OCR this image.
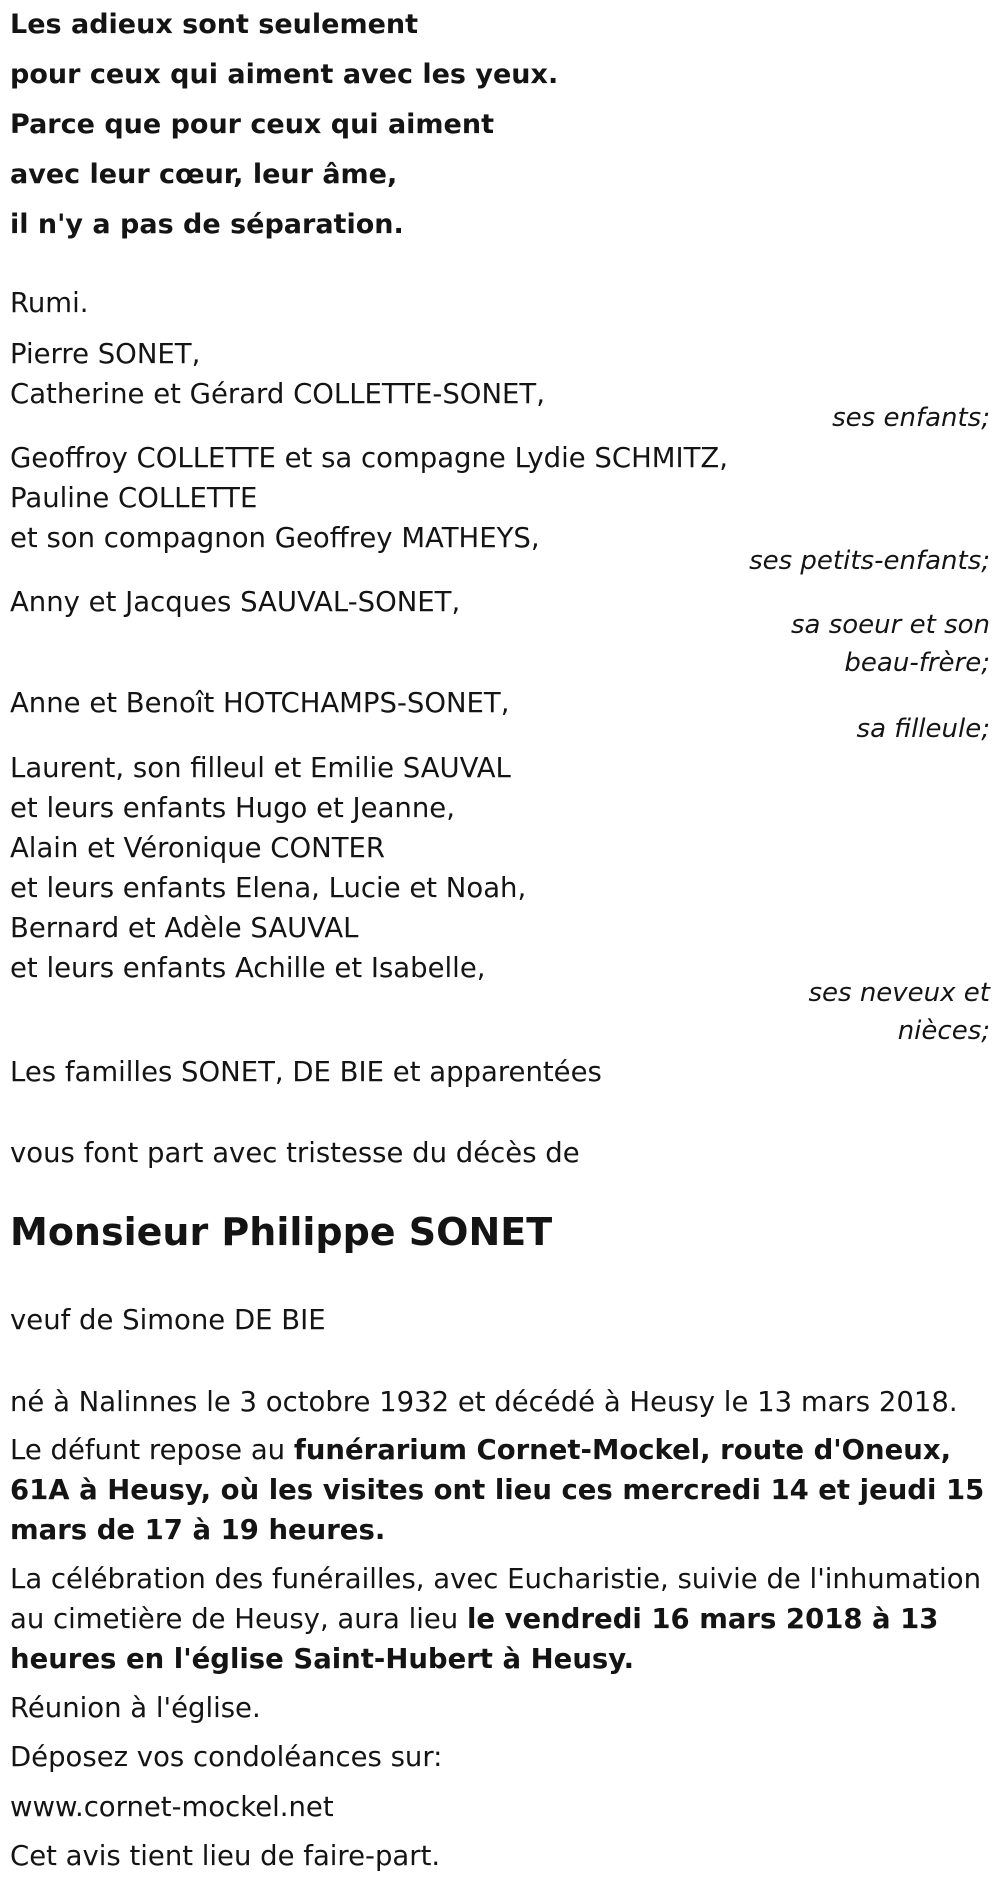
Les adieux sont seulement
pour ceux qui aiment avec les yeux.
Parce que pour ceux qui aiment
avec leur cœur, leur âme,
il n'y a pas de séparation.
Rumi.
Pierre SONET,
Catherine et Gérard COLLETTE-SONET,
ses enfants;
Geoffroy COLLETTE et sa compagne Lydie SCHMITZ,
Pauline COLLETTE
et son compagnon Geoffrey MATHEYS,
ses petits-enfants;
Anny et Jacques SAUVAL-SONET,
sa soeur et son
beau-frère;
Anne et Benoît HOTCHAMPS-SONET,
sa filleule;
Laurent, son filleul et Emilie SAUVAL
et leurs enfants Hugo et Jeanne,
Alain et Véronique CONTER
et leurs enfants Elena, Lucie et Noah,
Bernard et Adèle SAUVAL
et leurs enfants Achille et Isabelle,
ses neveux et
nièces;
Les familles SONET, DE BIE et apparentées
vous font part avec tristesse du décès de
Monsieur Philippe SONET
veuf de Simone DE BIE
né à Nalinnes le 3 octobre 1932 et décédé à Heusy le 13 mars 2018.
Le défunt repose au funérarium Cornet-Mockel, route d'Oneux, 61A à Heusy, où les visites ont lieu ces mercredi 14 et jeudi 15 mars de 17 à 19 heures.
La célébration des funérailles, avec Eucharistie, suivie de l'inhumation au cimetière de Heusy, aura lieu le vendredi 16 mars 2018 à 13 heures en l'église Saint-Hubert à Heusy.
Réunion à l'église.
Déposez vos condoléances sur:
www.cornet-mockel.net
Cet avis tient lieu de faire-part.
